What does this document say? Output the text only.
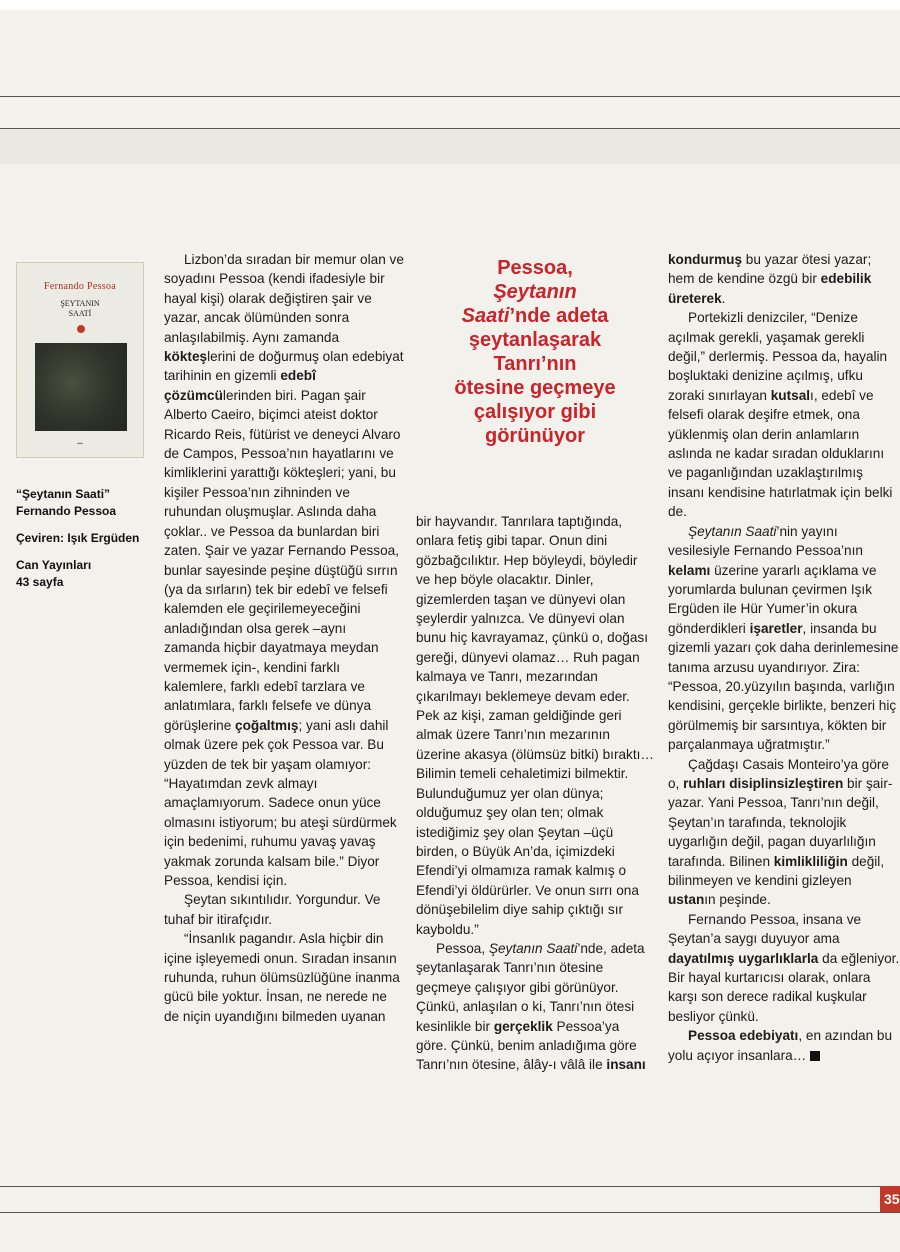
Fernando Pessoa
ŞEYTANIN
SAATİ
▪▪▪

“Şeytanın Saati”
Fernando Pessoa

Çeviren: Işık Ergüden

Can Yayınları
43 sayfa

Lizbon’da sıradan bir memur olan ve soyadını Pessoa (kendi ifadesiyle bir hayal kişi) olarak değiştiren şair ve yazar, ancak ölümünden sonra anlaşılabilmiş. Aynı zamanda kökteşlerini de doğurmuş olan edebiyat tarihinin en gizemli edebî çözümcülerinden biri. Pagan şair Alberto Caeiro, biçimci ateist doktor Ricardo Reis, fütürist ve deneyci Alvaro de Campos, Pessoa’nın hayatlarını ve kimliklerini yarattığı kökteşleri; yani, bu kişiler Pessoa’nın zihninden ve ruhundan oluşmuşlar. Aslında daha çoklar.. ve Pessoa da bunlardan biri zaten. Şair ve yazar Fernando Pessoa, bunlar sayesinde peşine düştüğü sırrın (ya da sırların) tek bir edebî ve felsefi kalemden ele geçirilemeyeceğini anladığından olsa gerek –aynı zamanda hiçbir dayatmaya meydan vermemek için-, kendini farklı kalemlere, farklı edebî tarzlara ve anlatımlara, farklı felsefe ve dünya görüşlerine çoğaltmış; yani aslı dahil olmak üzere pek çok Pessoa var. Bu yüzden de tek bir yaşam olamıyor: “Hayatımdan zevk almayı amaçlamıyorum. Sadece onun yüce olmasını istiyorum; bu ateşi sürdürmek için bedenimi, ruhumu yavaş yavaş yakmak zorunda kalsam bile.” Diyor Pessoa, kendisi için.

Şeytan sıkıntılıdır. Yorgundur. Ve tuhaf bir itirafçıdır.

“İnsanlık pagandır. Asla hiçbir din içine işleyemedi onun. Sıradan insanın ruhunda, ruhun ölümsüzlüğüne inanma gücü bile yoktur. İnsan, ne nerede ne de niçin uyandığını bilmeden uyanan

Pessoa,
Şeytanın
Saati’nde adeta
şeytanlaşarak
Tanrı’nın
ötesine geçmeye
çalışıyor gibi
görünüyor

bir hayvandır. Tanrılara taptığında, onlara fetiş gibi tapar. Onun dini gözbağcılıktır. Hep böyleydi, böyledir ve hep böyle olacaktır. Dinler, gizemlerden taşan ve dünyevi olan şeylerdir yalnızca. Ve dünyevi olan bunu hiç kavrayamaz, çünkü o, doğası gereği, dünyevi olamaz… Ruh pagan kalmaya ve Tanrı, mezarından çıkarılmayı beklemeye devam eder. Pek az kişi, zaman geldiğinde geri almak üzere Tanrı’nın mezarının üzerine akasya (ölümsüz bitki) bıraktı… Bilimin temeli cehaletimizi bilmektir. Bulunduğumuz yer olan dünya; olduğumuz şey olan ten; olmak istediğimiz şey olan Şeytan –üçü birden, o Büyük An’da, içimizdeki Efendi’yi olmamıza ramak kalmış o Efendi’yi öldürürler. Ve onun sırrı ona dönüşebilelim diye sahip çıktığı sır kayboldu.”

Pessoa, Şeytanın Saati’nde, adeta şeytanlaşarak Tanrı’nın ötesine geçmeye çalışıyor gibi görünüyor. Çünkü, anlaşılan o ki, Tanrı’nın ötesi kesinlikle bir gerçeklik Pessoa’ya göre. Çünkü, benim anladığıma göre Tanrı’nın ötesine, âlây-ı vâlâ ile insanı

kondurmuş bu yazar ötesi yazar; hem de kendine özgü bir edebilik üreterek.

Portekizli denizciler, “Denize açılmak gerekli, yaşamak gerekli değil,” derlermiş. Pessoa da, hayalin boşluktaki denizine açılmış, ufku zoraki sınırlayan kutsalı, edebî ve felsefi olarak deşifre etmek, ona yüklenmiş olan derin anlamların aslında ne kadar sıradan olduklarını ve paganlığından uzaklaştırılmış insanı kendisine hatırlatmak için belki de.

Şeytanın Saati’nin yayını vesilesiyle Fernando Pessoa’nın kelamı üzerine yararlı açıklama ve yorumlarda bulunan çevirmen Işık Ergüden ile Hür Yumer’in okura gönderdikleri işaretler, insanda bu gizemli yazarı çok daha derinlemesine tanıma arzusu uyandırıyor. Zira: “Pessoa, 20.yüzyılın başında, varlığın kendisini, gerçekle birlikte, benzeri hiç görülmemiş bir sarsıntıya, kökten bir parçalanmaya uğratmıştır.”

Çağdaşı Casais Monteiro’ya göre o, ruhları disiplinsizleştiren bir şair-yazar. Yani Pessoa, Tanrı’nın değil, Şeytan’ın tarafında, teknolojik uygarlığın değil, pagan duyarlılığın tarafında. Bilinen kimlikliliğin değil, bilinmeyen ve kendini gizleyen ustanın peşinde.

Fernando Pessoa, insana ve Şeytan’a saygı duyuyor ama dayatılmış uygarlıklarla da eğleniyor. Bir hayal kurtarıcısı olarak, onlara karşı son derece radikal kuşkular besliyor çünkü.

Pessoa edebiyatı, en azından bu yolu açıyor insanlara…

35
